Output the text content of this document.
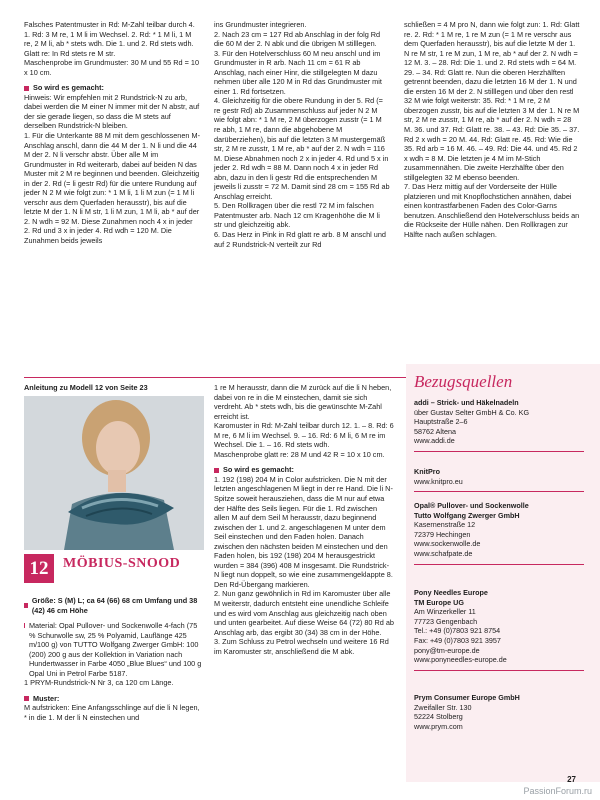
Falsches Patentmuster in Rd: M-Zahl teilbar durch 4. 1. Rd: 3 M re, 1 M li im Wechsel. 2. Rd: * 1 M li, 1 M re, 2 M li, ab * stets wdh. Die 1. und 2. Rd stets wdh.

Glatt re: In Rd stets re M str.

Maschenprobe im Grundmuster: 30 M und 55 Rd = 10 x 10 cm.

So wird es gemacht:

Hinweis: Wir empfehlen mit 2 Rundstrick-N zu arb, dabei werden die M einer N immer mit der N abstr, auf der sie gerade liegen, so dass die M stets auf derselben Rundstrick-N bleiben.

1. Für die Unterkante 88 M mit dem geschlossenen M-Anschlag anschl, dann die 44 M der 1. N li und die 44 M der 2. N li verschr abstr. Über alle M im Grundmuster in Rd weiterarb, dabei auf beiden N das Muster mit 2 M re beginnen und beenden. Gleichzeitig in der 2. Rd (= li gestr Rd) für die untere Rundung auf jeder N 2 M wie folgt zun: * 1 M li, 1 li M zun (= 1 M li verschr aus dem Querfaden herausstr), bis auf die letzte M der 1. N li M str, 1 li M zun, 1 M li, ab * auf der 2. N wdh = 92 M. Diese Zunahmen noch 4 x in jeder 2. Rd und 3 x in jeder 4. Rd wdh = 120 M. Die Zunahmen beids jeweils

ins Grundmuster integrieren.

2. Nach 23 cm = 127 Rd ab Anschlag in der folg Rd die 60 M der 2. N abk und die übrigen M stilllegen.

3. Für den Hotelverschluss 60 M neu anschl und im Grundmuster in R arb. Nach 11 cm = 61 R ab Anschlag, nach einer Hinr, die stillgelegten M dazu nehmen über alle 120 M in Rd das Grundmuster mit einer 1. Rd fortsetzen.

4. Gleichzeitig für die obere Rundung in der 5. Rd (= re gestr Rd) ab Zusammenschluss auf jeder N 2 M wie folgt abn: * 1 M re, 2 M überzogen zusstr (= 1 M re abh, 1 M re, dann die abgehobene M darüberziehen), bis auf die letzten 3 M mustergemäß str, 2 M re zusstr, 1 M re, ab * auf der 2. N wdh = 116 M. Diese Abnahmen noch 2 x in jeder 4. Rd und 5 x in jeder 2. Rd wdh = 88 M. Dann noch 4 x in jeder Rd abn, dazu in den li gestr Rd die entsprechenden M jeweils li zusstr = 72 M. Damit sind 28 cm = 155 Rd ab Anschlag erreicht.

5. Den Rollkragen über die restl 72 M im falschen Patentmuster arb. Nach 12 cm Kragenhöhe die M li str und gleichzeitig abk.

6. Das Herz in Pink in Rd glatt re arb. 8 M anschl und auf 2 Rundstrick-N verteilt zur Rd

schließen = 4 M pro N, dann wie folgt zun: 1. Rd: Glatt re. 2. Rd: * 1 M re, 1 re M zun (= 1 M re verschr aus dem Querfaden herausstr), bis auf die letzte M der 1. N re M str, 1 re M zun, 1 M re, ab * auf der 2. N wdh = 12 M. 3. – 28. Rd: Die 1. und 2. Rd stets wdh = 64 M. 29. – 34. Rd: Glatt re. Nun die oberen Herzhälften getrennt beenden, dazu die letzten 16 M der 1. N und die ersten 16 M der 2. N stilllegen und über den restl 32 M wie folgt weiterstr: 35. Rd: * 1 M re, 2 M überzogen zusstr, bis auf die letzten 3 M der 1. N re M str, 2 M re zusstr, 1 M re, ab * auf der 2. N wdh = 28 M. 36. und 37. Rd: Glatt re. 38. – 43. Rd: Die 35. – 37. Rd 2 x wdh = 20 M. 44. Rd: Glatt re. 45. Rd: Wie die 35. Rd arb = 16 M. 46. – 49. Rd: Die 44. und 45. Rd 2 x wdh = 8 M. Die letzten je 4 M im M-Stich zusammennähen. Die zweite Herzhälfte über den stillgelegten 32 M ebenso beenden.

7. Das Herz mittig auf der Vorderseite der Hülle platzieren und mit Knopflochstichen annähen, dabei einen kontrastfarbenen Faden des Color-Garns benutzen. Anschließend den Hotelverschluss beids an die Rückseite der Hülle nähen. Den Rollkragen zur Hälfte nach außen schlagen.

Anleitung zu Modell 12 von Seite 23

12	MÖBIUS-SNOOD
Größe: S (M) L; ca 64 (66) 68 cm Umfang und 38 (42) 46 cm Höhe
Material: Opal Pullover- und Sockenwolle 4-fach (75 % Schurwolle sw, 25 % Polyamid, Lauflänge 425 m/100 g) von TUTTO Wolfgang Zwerger GmbH: 100 (200) 200 g aus der Kollektion in Variation nach Hundertwasser in Farbe 4050 „Blue Blues“ und 100 g Opal Uni in Petrol Farbe 5187.

1 PRYM-Rundstrick-N Nr 3, ca 120 cm Länge.

Muster:

M aufstricken: Eine Anfangsschlinge auf die li N legen, * in die 1. M der li N einstechen und

1 re M herausstr, dann die M zurück auf die li N heben, dabei von re in die M einstechen, damit sie sich verdreht. Ab * stets wdh, bis die gewünschte M-Zahl erreicht ist.

Karomuster in Rd: M-Zahl teilbar durch 12. 1. – 8. Rd: 6 M re, 6 M li im Wechsel. 9. – 16. Rd: 6 M li, 6 M re im Wechsel. Die 1. – 16. Rd stets wdh.

Maschenprobe glatt re: 28 M und 42 R = 10 x 10 cm.

So wird es gemacht:

1. 192 (198) 204 M in Color aufstricken. Die N mit der letzten angeschlagenen M liegt in der re Hand. Die li N-Spitze soweit herausziehen, dass die M nur auf etwa der Hälfte des Seils liegen. Für die 1. Rd zwischen allen M auf dem Seil M herausstr, dazu beginnend zwischen der 1. und 2. angeschlagenen M unter dem Seil einstechen und den Faden holen. Danach zwischen den nächsten beiden M einstechen und den Faden holen, bis 192 (198) 204 M herausgestrickt wurden = 384 (396) 408 M insgesamt. Die Rundstrick-N liegt nun doppelt, so wie eine zusammengeklappte 8. Den Rd-Übergang markieren.

2. Nun ganz gewöhnlich in Rd im Karomuster über alle M weiterstr, dadurch entsteht eine unendliche Schleife und es wird vom Anschlag aus gleichzeitig nach oben und unten gearbeitet. Auf diese Weise 64 (72) 80 Rd ab Anschlag arb, das ergibt 30 (34) 38 cm in der Höhe.

3. Zum Schluss zu Petrol wechseln und weitere 16 Rd im Karomuster str, anschließend die M abk.

Bezugsquellen
addi – Strick- und Häkelnadeln
über Gustav Selter GmbH & Co. KG
Hauptstraße 2–6
58762 Altena
www.addi.de
KnitPro
www.knitpro.eu
Opal® Pullover- und Sockenwolle
Tutto Wolfgang Zwerger GmbH
Kasernenstraße 12
72379 Hechingen
www.sockenwolle.de
www.schafpate.de
Pony Needles Europe
TM Europe UG
Am Winzerkeller 11
77723 Gengenbach
Tel.: +49 (0)7803 921 8754
Fax: +49 (0)7803 921 3957
pony@tm-europe.de
www.ponyneedles-europe.de
Prym Consumer Europe GmbH
Zweifaller Str. 130
52224 Stolberg
www.prym.com
27
PassionForum.ru
